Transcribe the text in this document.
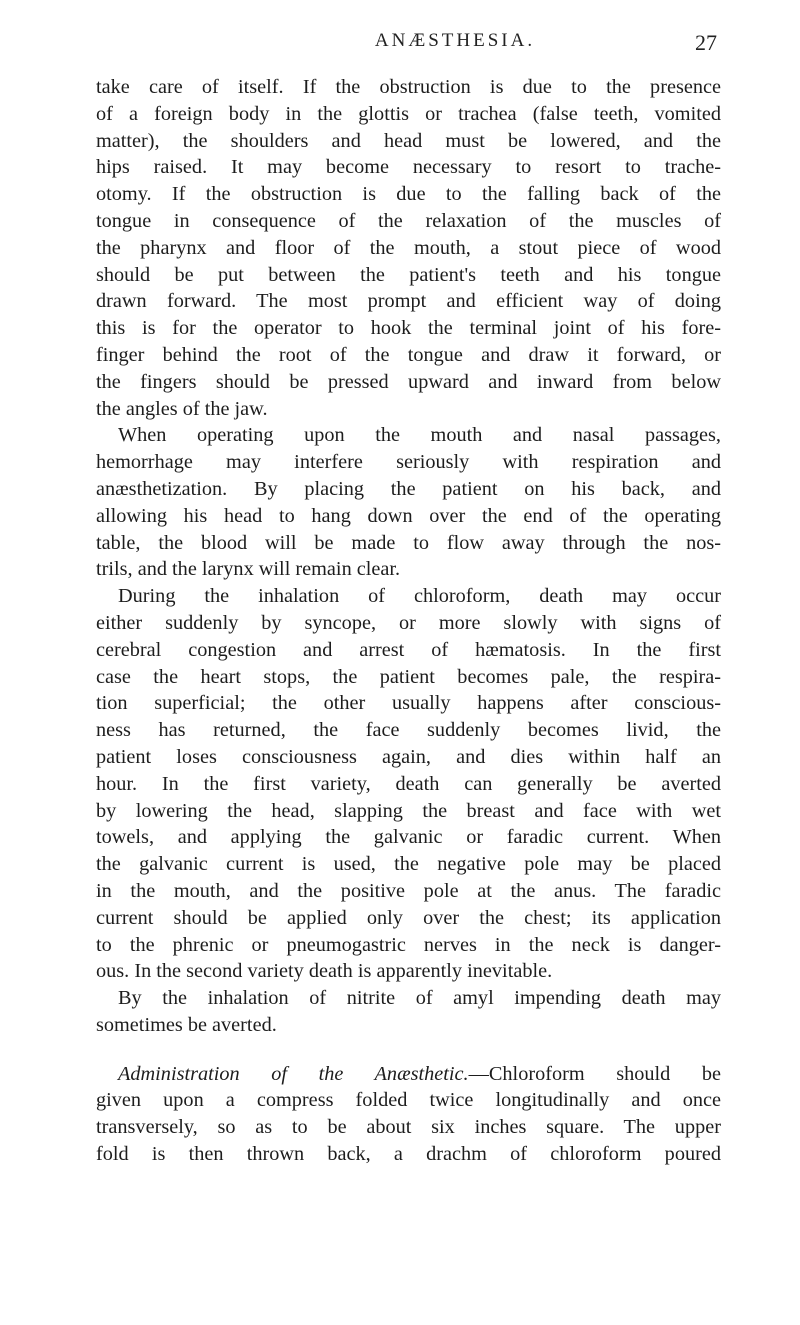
ANÆSTHESIA.	27
take care of itself. If the obstruction is due to the presence
of a foreign body in the glottis or trachea (false teeth, vomited
matter), the shoulders and head must be lowered, and the
hips raised. It may become necessary to resort to trache-
otomy. If the obstruction is due to the falling back of the
tongue in consequence of the relaxation of the muscles of
the pharynx and floor of the mouth, a stout piece of wood
should be put between the patient's teeth and his tongue
drawn forward. The most prompt and efficient way of doing
this is for the operator to hook the terminal joint of his fore-
finger behind the root of the tongue and draw it forward, or
the fingers should be pressed upward and inward from below
the angles of the jaw.
When operating upon the mouth and nasal passages,
hemorrhage may interfere seriously with respiration and
anæsthetization. By placing the patient on his back, and
allowing his head to hang down over the end of the operating
table, the blood will be made to flow away through the nos-
trils, and the larynx will remain clear.
During the inhalation of chloroform, death may occur
either suddenly by syncope, or more slowly with signs of
cerebral congestion and arrest of hæmatosis. In the first
case the heart stops, the patient becomes pale, the respira-
tion superficial; the other usually happens after conscious-
ness has returned, the face suddenly becomes livid, the
patient loses consciousness again, and dies within half an
hour. In the first variety, death can generally be averted
by lowering the head, slapping the breast and face with wet
towels, and applying the galvanic or faradic current. When
the galvanic current is used, the negative pole may be placed
in the mouth, and the positive pole at the anus. The faradic
current should be applied only over the chest; its application
to the phrenic or pneumogastric nerves in the neck is danger-
ous. In the second variety death is apparently inevitable.
By the inhalation of nitrite of amyl impending death may
sometimes be averted.
Administration of the Anæsthetic.—Chloroform should be
given upon a compress folded twice longitudinally and once
transversely, so as to be about six inches square. The upper
fold is then thrown back, a drachm of chloroform poured
